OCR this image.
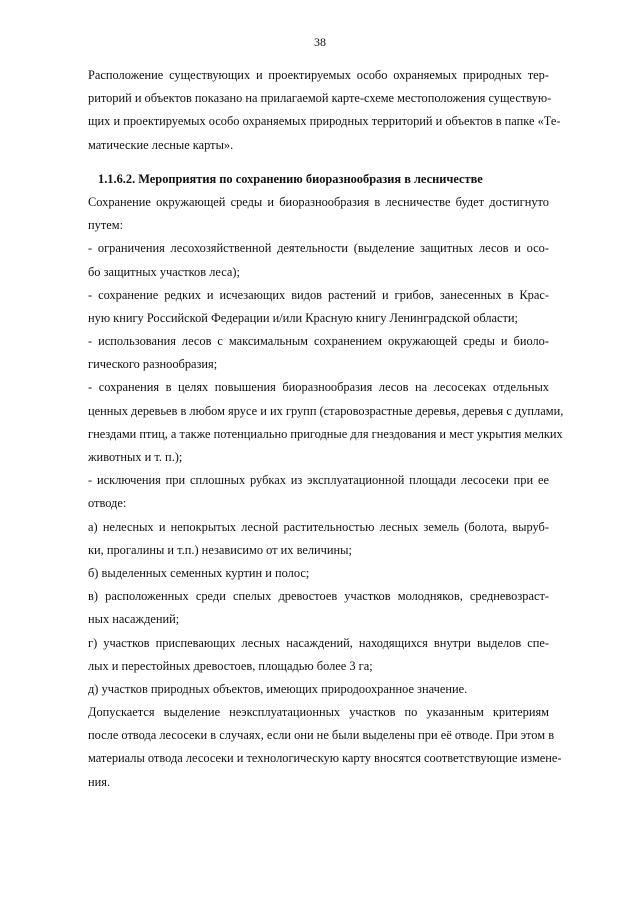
38
Расположение существующих и проектируемых особо охраняемых природных тер-
риторий и объектов показано на прилагаемой карте-схеме местоположения существую-
щих и проектируемых особо охраняемых природных территорий и объектов в папке «Те-
матические лесные карты».
1.1.6.2. Мероприятия по сохранению биоразнообразия в лесничестве
Сохранение окружающей среды и биоразнообразия в лесничестве будет достигнуто
путем:
- ограничения лесохозяйственной деятельности (выделение защитных лесов и осо-
бо защитных участков леса);
- сохранение редких и исчезающих видов растений и грибов, занесенных в Крас-
ную книгу Российской Федерации и/или Красную книгу Ленинградской области;
- использования лесов с максимальным сохранением окружающей среды и биоло-
гического разнообразия;
- сохранения в целях повышения биоразнообразия лесов на лесосеках отдельных
ценных деревьев в любом ярусе и их групп (старовозрастные деревья, деревья с дуплами,
гнездами птиц, а также потенциально пригодные для гнездования и мест укрытия мелких
животных и т. п.);
- исключения при сплошных рубках из эксплуатационной площади лесосеки при ее
отводе:
а) нелесных и непокрытых лесной растительностью лесных земель (болота, выруб-
ки, прогалины и т.п.) независимо от их величины;
б) выделенных семенных куртин и полос;
в) расположенных среди спелых древостоев участков молодняков, средневозраст-
ных насаждений;
г) участков приспевающих лесных насаждений, находящихся внутри выделов спе-
лых и перестойных древостоев, площадью более 3 га;
д) участков природных объектов, имеющих природоохранное значение.
Допускается выделение неэксплуатационных участков по указанным критериям
после отвода лесосеки в случаях, если они не были выделены при её отводе. При этом в
материалы отвода лесосеки и технологическую карту вносятся соответствующие измене-
ния.
